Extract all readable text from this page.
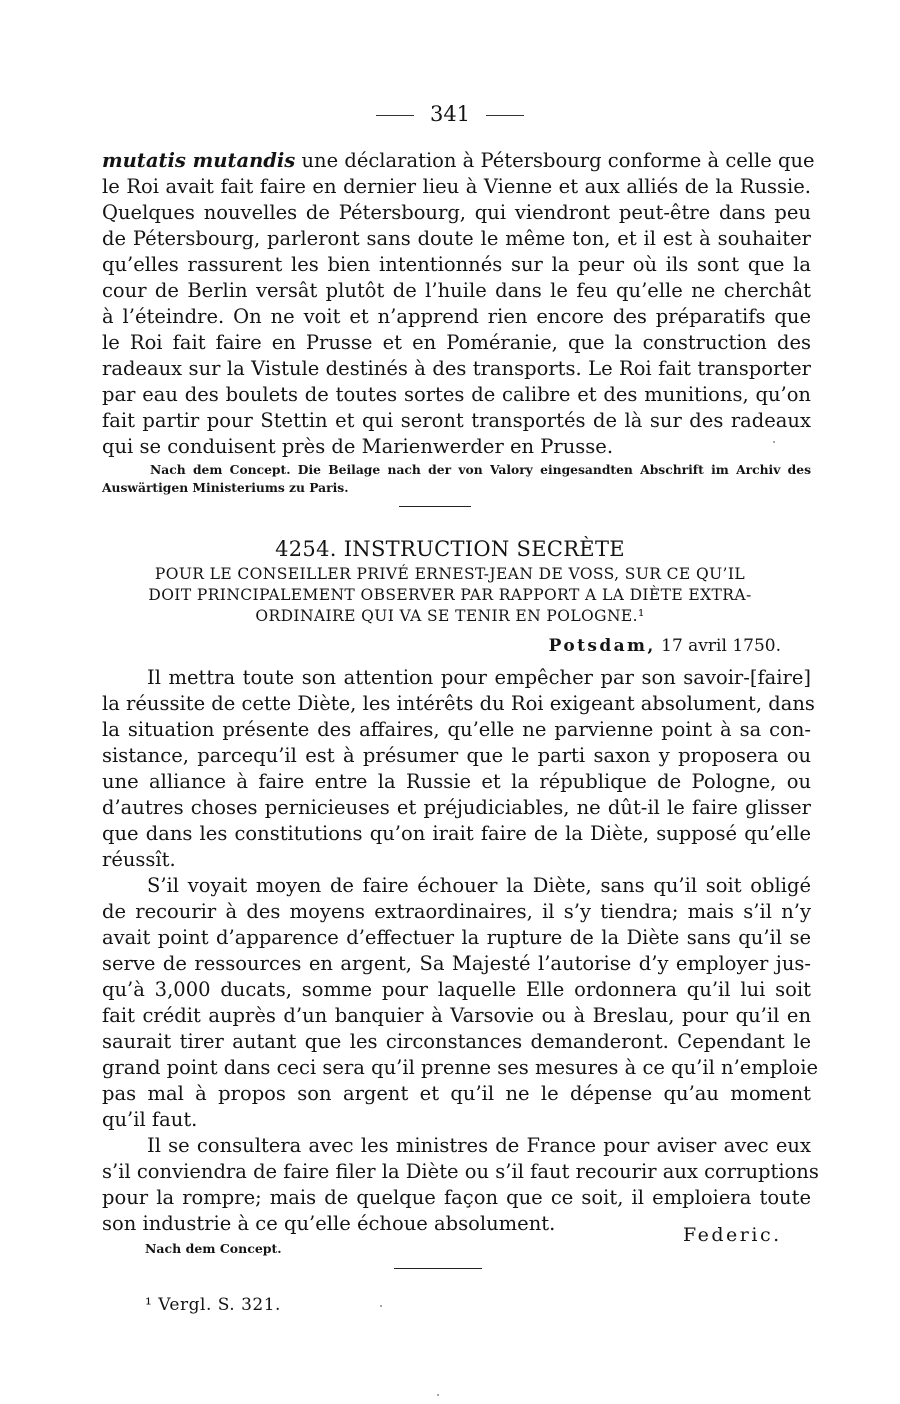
341
mutatis mutandis une déclaration à Pétersbourg conforme à celle que
le Roi avait fait faire en dernier lieu à Vienne et aux alliés de la Russie.
Quelques nouvelles de Pétersbourg, qui viendront peut-être dans peu
de Pétersbourg, parleront sans doute le même ton, et il est à souhaiter
qu’elles rassurent les bien intentionnés sur la peur où ils sont que la
cour de Berlin versât plutôt de l’huile dans le feu qu’elle ne cherchât
à l’éteindre. On ne voit et n’apprend rien encore des préparatifs que
le Roi fait faire en Prusse et en Poméranie, que la construction des
radeaux sur la Vistule destinés à des transports. Le Roi fait transporter
par eau des boulets de toutes sortes de calibre et des munitions, qu’on
fait partir pour Stettin et qui seront transportés de là sur des radeaux
qui se conduisent près de Marienwerder en Prusse.
Nach dem Concept. Die Beilage nach der von Valory eingesandten Abschrift im Archiv des
Auswärtigen Ministeriums zu Paris.
4254. INSTRUCTION SECRÈTE
POUR LE CONSEILLER PRIVÉ ERNEST-JEAN DE VOSS, SUR CE QU’IL
DOIT PRINCIPALEMENT OBSERVER PAR RAPPORT A LA DIÈTE EXTRA-
ORDINAIRE QUI VA SE TENIR EN POLOGNE.¹
Potsdam, 17 avril 1750.
Il mettra toute son attention pour empêcher par son savoir-[faire]
la réussite de cette Diète, les intérêts du Roi exigeant absolument, dans
la situation présente des affaires, qu’elle ne parvienne point à sa con-
sistance, parcequ’il est à présumer que le parti saxon y proposera ou
une alliance à faire entre la Russie et la république de Pologne, ou
d’autres choses pernicieuses et préjudiciables, ne dût-il le faire glisser
que dans les constitutions qu’on irait faire de la Diète, supposé qu’elle
réussît.
S’il voyait moyen de faire échouer la Diète, sans qu’il soit obligé
de recourir à des moyens extraordinaires, il s’y tiendra; mais s’il n’y
avait point d’apparence d’effectuer la rupture de la Diète sans qu’il se
serve de ressources en argent, Sa Majesté l’autorise d’y employer jus-
qu’à 3,000 ducats, somme pour laquelle Elle ordonnera qu’il lui soit
fait crédit auprès d’un banquier à Varsovie ou à Breslau, pour qu’il en
saurait tirer autant que les circonstances demanderont. Cependant le
grand point dans ceci sera qu’il prenne ses mesures à ce qu’il n’emploie
pas mal à propos son argent et qu’il ne le dépense qu’au moment
qu’il faut.
Il se consultera avec les ministres de France pour aviser avec eux
s’il conviendra de faire filer la Diète ou s’il faut recourir aux corruptions
pour la rompre; mais de quelque façon que ce soit, il emploiera toute
son industrie à ce qu’elle échoue absolument.	Federic.
Nach dem Concept.
¹ Vergl. S. 321.
